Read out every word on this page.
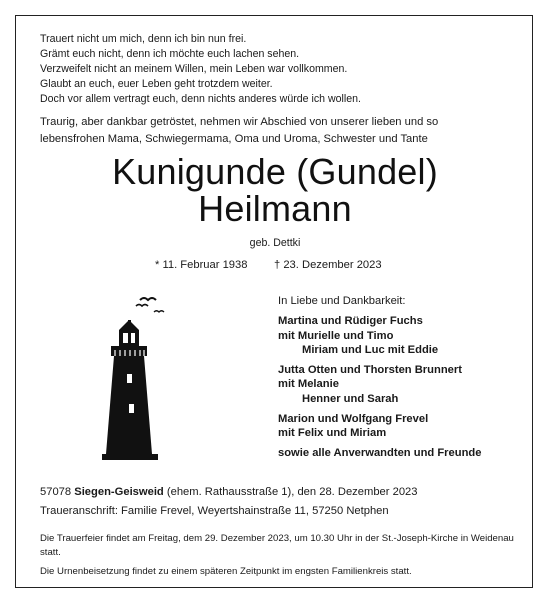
Trauert nicht um mich, denn ich bin nun frei.
Grämt euch nicht, denn ich möchte euch lachen sehen.
Verzweifelt nicht an meinem Willen, mein Leben war vollkommen.
Glaubt an euch, euer Leben geht trotzdem weiter.
Doch vor allem vertragt euch, denn nichts anderes würde ich wollen.
Traurig, aber dankbar getröstet, nehmen wir Abschied von unserer lieben und so
lebensfrohen Mama, Schwiegermama, Oma und Uroma, Schwester und Tante
Kunigunde (Gundel)
Heilmann
geb. Dettki
* 11. Februar 1938 † 23. Dezember 2023
In Liebe und Dankbarkeit:
Martina und Rüdiger Fuchs
mit Murielle und Timo
Miriam und Luc mit Eddie
Jutta Otten und Thorsten Brunnert
mit Melanie
Henner und Sarah
Marion und Wolfgang Frevel
mit Felix und Miriam
sowie alle Anverwandten und Freunde
57078 Siegen-Geisweid (ehem. Rathausstraße 1), den 28. Dezember 2023
Traueranschrift: Familie Frevel, Weyertshainstraße 11, 57250 Netphen

Die Trauerfeier findet am Freitag, dem 29. Dezember 2023, um 10.30 Uhr in der St.-Joseph-Kirche in Weidenau statt.

Die Urnenbeisetzung findet zu einem späteren Zeitpunkt im engsten Familienkreis statt.
